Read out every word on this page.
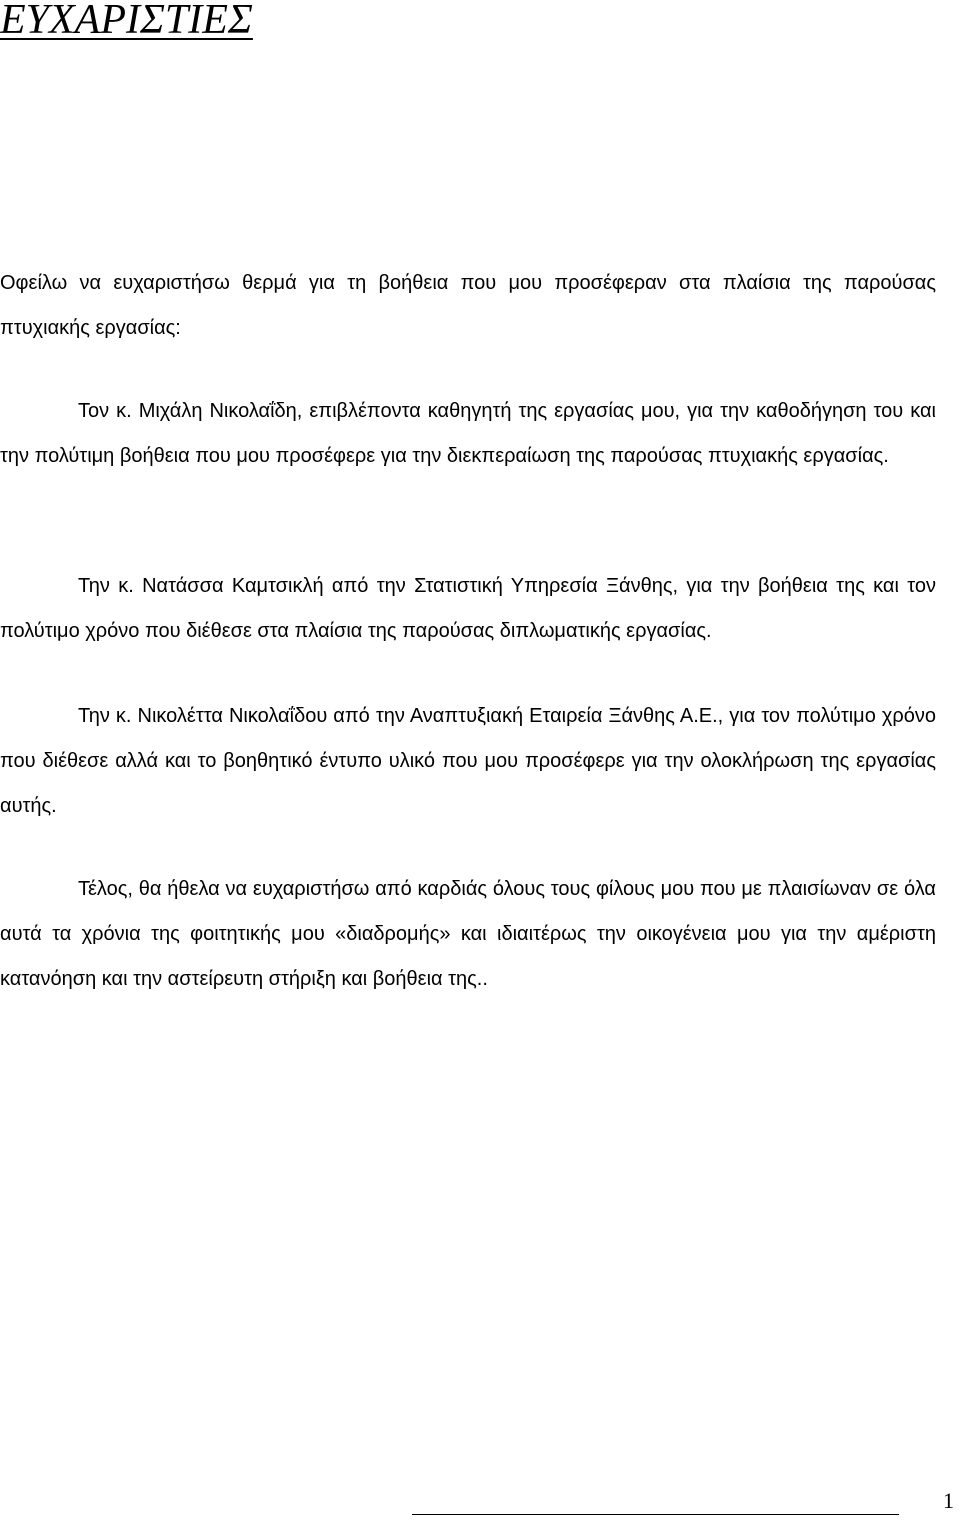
ΕΥΧΑΡΙΣΤΙΕΣ

Οφείλω να ευχαριστήσω θερμά για τη βοήθεια που μου προσέφεραν στα πλαίσια της παρούσας πτυχιακής εργασίας:

Τον κ. Μιχάλη Νικολαΐδη, επιβλέποντα καθηγητή της εργασίας μου, για την καθοδήγηση του και την πολύτιμη βοήθεια που μου προσέφερε για την διεκπεραίωση της παρούσας πτυχιακής εργασίας.

Την κ. Νατάσσα Καμτσικλή από την Στατιστική Υπηρεσία Ξάνθης, για την βοήθεια της και τον πολύτιμο χρόνο που διέθεσε στα πλαίσια της παρούσας διπλωματικής εργασίας.

Την κ. Νικολέττα Νικολαΐδου από την Αναπτυξιακή Εταιρεία Ξάνθης Α.Ε., για τον πολύτιμο χρόνο που διέθεσε αλλά και το βοηθητικό έντυπο υλικό που μου προσέφερε για την ολοκλήρωση της εργασίας αυτής.

Τέλος, θα ήθελα να ευχαριστήσω από καρδιάς όλους τους φίλους μου που με πλαισίωναν σε όλα αυτά τα χρόνια της φοιτητικής μου «διαδρομής» και ιδιαιτέρως την οικογένεια μου για την αμέριστη κατανόηση και την αστείρευτη στήριξη και βοήθεια της..

1
